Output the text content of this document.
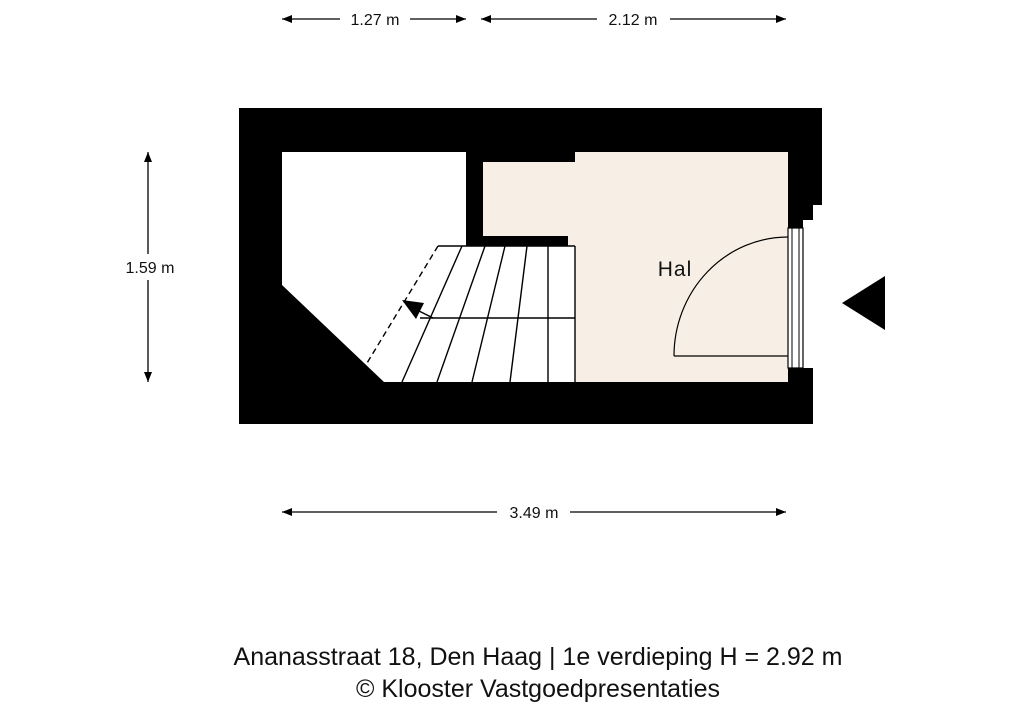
Hal
1.27 m	2.12 m
1.59 m
3.49 m
Ananasstraat 18, Den Haag | 1e verdieping H = 2.92 m
© Klooster Vastgoedpresentaties
